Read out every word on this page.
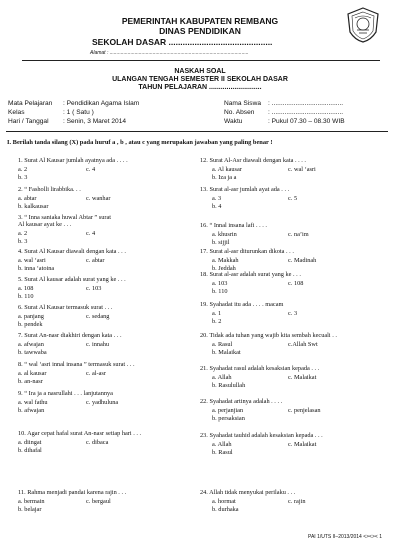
PEMERINTAH KABUPATEN REMBANG
DINAS PENDIDIKAN
SEKOLAH DASAR ............................................
Alamat : ....................................................................................................
NASKAH SOAL
ULANGAN TENGAH SEMESTER II SEKOLAH DASAR
TAHUN PELAJARAN ...........................
Mata Pelajaran : Pendidikan Agama Islam
Kelas	: 1 ( Satu )
Hari / Tanggal : Senin, 3 Maret 2014
Nama Siswa : .......................................
No. Absen : .......................................
Waktu	: Pukul 07.30 – 08.30 WIB
I. Berilah tanda silang (X) pada huruf a , b , atau c yang merupakan jawaban yang paling benar !
1. Surat Al Kausar jumlah ayatnya ada . . . .
a. 2	c. 4
b. 3
2. “ Fasholli lirabbika. . .
a. abtar	c. wanhar
b. kalkausar
3. “ Inna saniaka huwal Abtar ” surat
Al kausar ayat ke . . .
a. 2	c. 4
b. 3
4. Surat Al Kausar diawali dengan kata . . .
a. wal ‘asri	c. abtar
b. inna ‘atoina
5. Surat Al kausar adalah surat yang ke . . .
a. 108	c. 103
b. 110
6. Surat Al Kausar termasuk surat . . .
a. panjang	c. sedang
b. pendek
7. Surat An-nasr diakhiri dengan kata . . .
a. afwajan	c. innahu
b. tawwaba
8. “ wal ‘asri innal insana ” termasuk surat . . .
a. al kausar	c. al-asr
b. an-nasr
9. “ Ira ja a nasrullahi . . . lanjutannya
a. wal fathu	c. yadhuluna
b. afwajan
10. Agar cepat hafal surat An-nasr setiap hari . . .
a. diingat	c. dibaca
b. dihafal
11. Rahma menjadi pandai karena rajin . . .
a. bermain	c. bergaul
b. belajar
12. Surat Al-Asr diawali dengan kata . . . .
a. Al kausar	c. wal ‘asri
b. Iza ja a
13. Surat al-asr jumlah ayat ada . . .
a. 3	c. 5
b. 4
16. “ Innal insana lafi . . . .
a. khusrin	c. na’im
b. sijjil
17. Surat al-asr diturunkan dikota . . .
a. Makkah	c. Madinah
b. Jeddah
18. Surat al-asr adalah surat yang ke . . .
a. 103	c. 108
b. 110
19. Syahadat itu ada . . . . macam
a. 1	c. 3
b. 2
20. Tidak ada tuhan yang wajib kita sembah kecuali . .
a. Rasul	c.Allah Swt
b. Malaikat
21. Syahadat rasul adalah kesaksian kepada . . .
a. Allah	c. Malaikat
b. Rasulullah
22. Syahadat artinya adalah . . . .
a. perjanjian	c. penjelasan
b. persaksian
23. Syahadat tauhid adalah kesaksian kepada . . .
a. Allah	c. Malaikat
b. Rasul
24. Allah tidak menyukai perilaku . . .
a. hormat	c. rajin
b. durhaka
PAI 1/UTS II–2013/2014 <><>< 1
